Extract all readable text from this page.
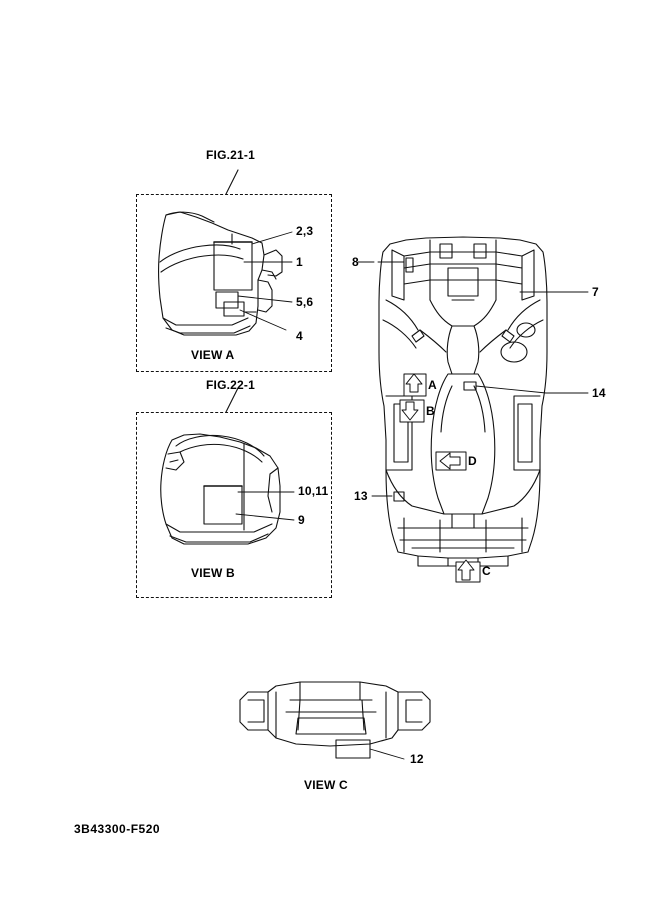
FIG.21-1
FIG.22-1
VIEW A
VIEW B
VIEW C
2,3
1
5,6
4
10,11
9
8
7
14
13
12
A
B
D
C
3B43300-F520
